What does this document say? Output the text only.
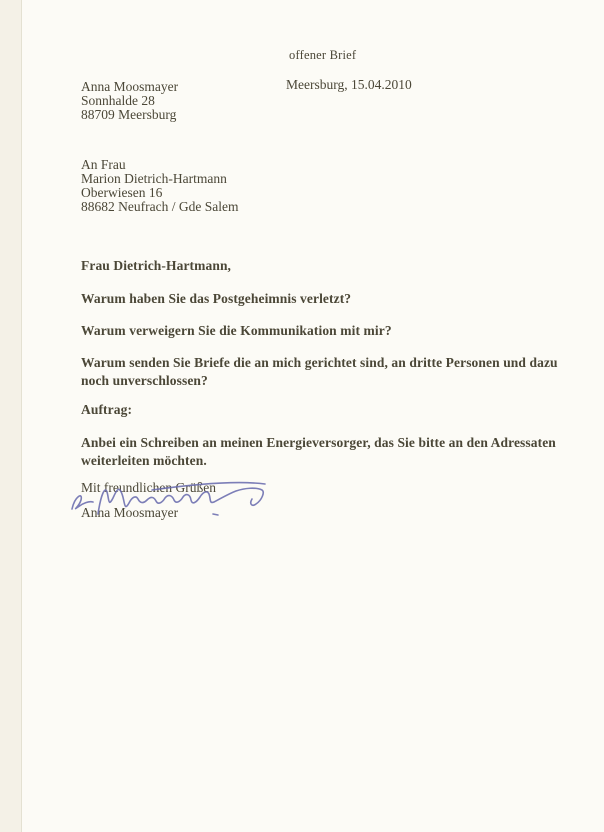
offener Brief
Meersburg, 15.04.2010
Anna Moosmayer
Sonnhalde 28
88709 Meersburg
An Frau
Marion Dietrich-Hartmann
Oberwiesen 16
88682 Neufrach / Gde Salem
Frau Dietrich-Hartmann,
Warum haben Sie das Postgeheimnis verletzt?
Warum verweigern Sie die Kommunikation mit mir?
Warum senden Sie Briefe die an mich gerichtet sind, an dritte Personen und dazu noch unverschlossen?
Auftrag:
Anbei ein Schreiben an meinen Energieversorger, das Sie bitte an den Adressaten weiterleiten möchten.
Mit freundlichen Grüßen
Anna Moosmayer
